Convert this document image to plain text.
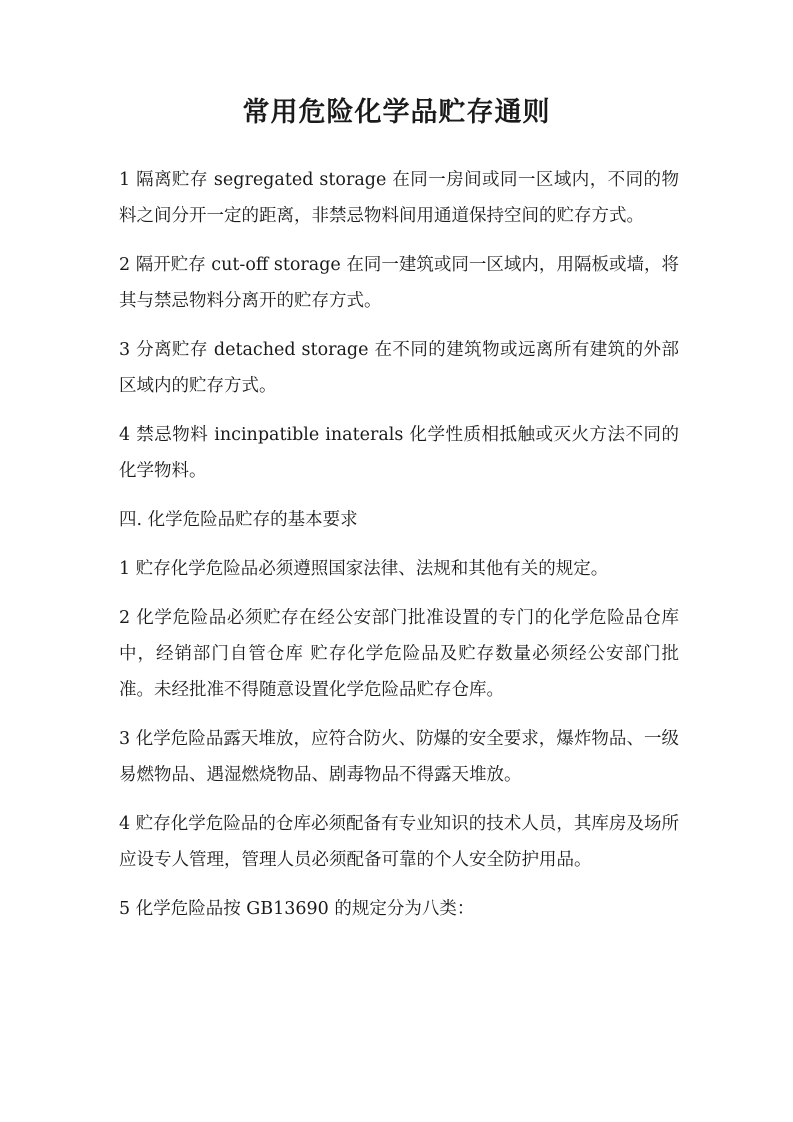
常用危险化学品贮存通则

1 隔离贮存 segregated storage 在同一房间或同一区域内，不同的物料之间分开一定的距离，非禁忌物料间用通道保持空间的贮存方式。

2 隔开贮存 cut-off storage 在同一建筑或同一区域内，用隔板或墙，将其与禁忌物料分离开的贮存方式。

3 分离贮存 detached storage 在不同的建筑物或远离所有建筑的外部区域内的贮存方式。

4 禁忌物料 incinpatible inaterals 化学性质相抵触或灭火方法不同的化学物料。

四. 化学危险品贮存的基本要求

1 贮存化学危险品必须遵照国家法律、法规和其他有关的规定。

2 化学危险品必须贮存在经公安部门批准设置的专门的化学危险品仓库中，经销部门自管仓库 贮存化学危险品及贮存数量必须经公安部门批准。未经批准不得随意设置化学危险品贮存仓库。

3 化学危险品露天堆放，应符合防火、防爆的安全要求，爆炸物品、一级易燃物品、遇湿燃烧物品、剧毒物品不得露天堆放。

4 贮存化学危险品的仓库必须配备有专业知识的技术人员，其库房及场所应设专人管理，管理人员必须配备可靠的个人安全防护用品。

5 化学危险品按 GB13690 的规定分为八类：
